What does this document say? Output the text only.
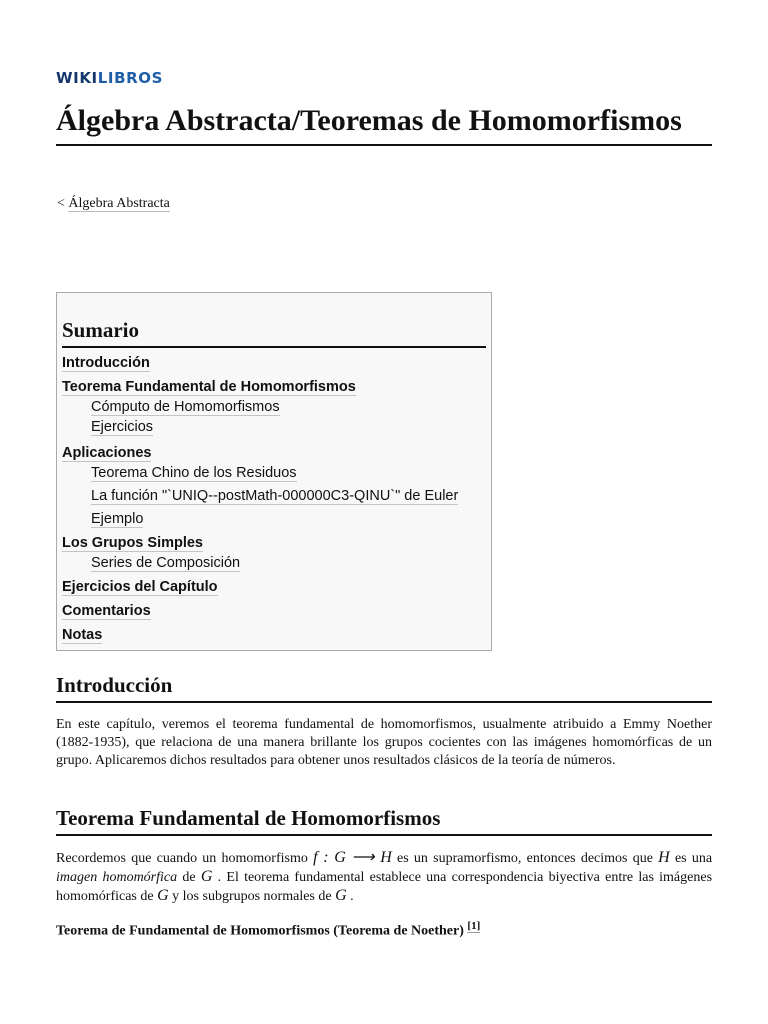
WIKILIBROS
Álgebra Abstracta/Teoremas de Homomorfismos
< Álgebra Abstracta
Sumario
Introducción
Teorema Fundamental de Homomorfismos
Cómputo de Homomorfismos
Ejercicios
Aplicaciones
Teorema Chino de los Residuos
La función "`UNIQ--postMath-000000C3-QINU`" de Euler
Ejemplo
Los Grupos Simples
Series de Composición
Ejercicios del Capítulo
Comentarios
Notas
Introducción

En este capítulo, veremos el teorema fundamental de homomorfismos, usualmente atribuido a Emmy Noether (1882-1935), que relaciona de una manera brillante los grupos cocientes con las imágenes homomórficas de un grupo. Aplicaremos dichos resultados para obtener unos resultados clásicos de la teoría de números.

Teorema Fundamental de Homomorfismos

Recordemos que cuando un homomorfismo f : G ⟶ H es un supramorfismo, entonces decimos que H es una imagen homomórfica de G . El teorema fundamental establece una correspondencia biyectiva entre las imágenes homomórficas de G y los subgrupos normales de G .

Teorema de Fundamental de Homomorfismos (Teorema de Noether) [1]
